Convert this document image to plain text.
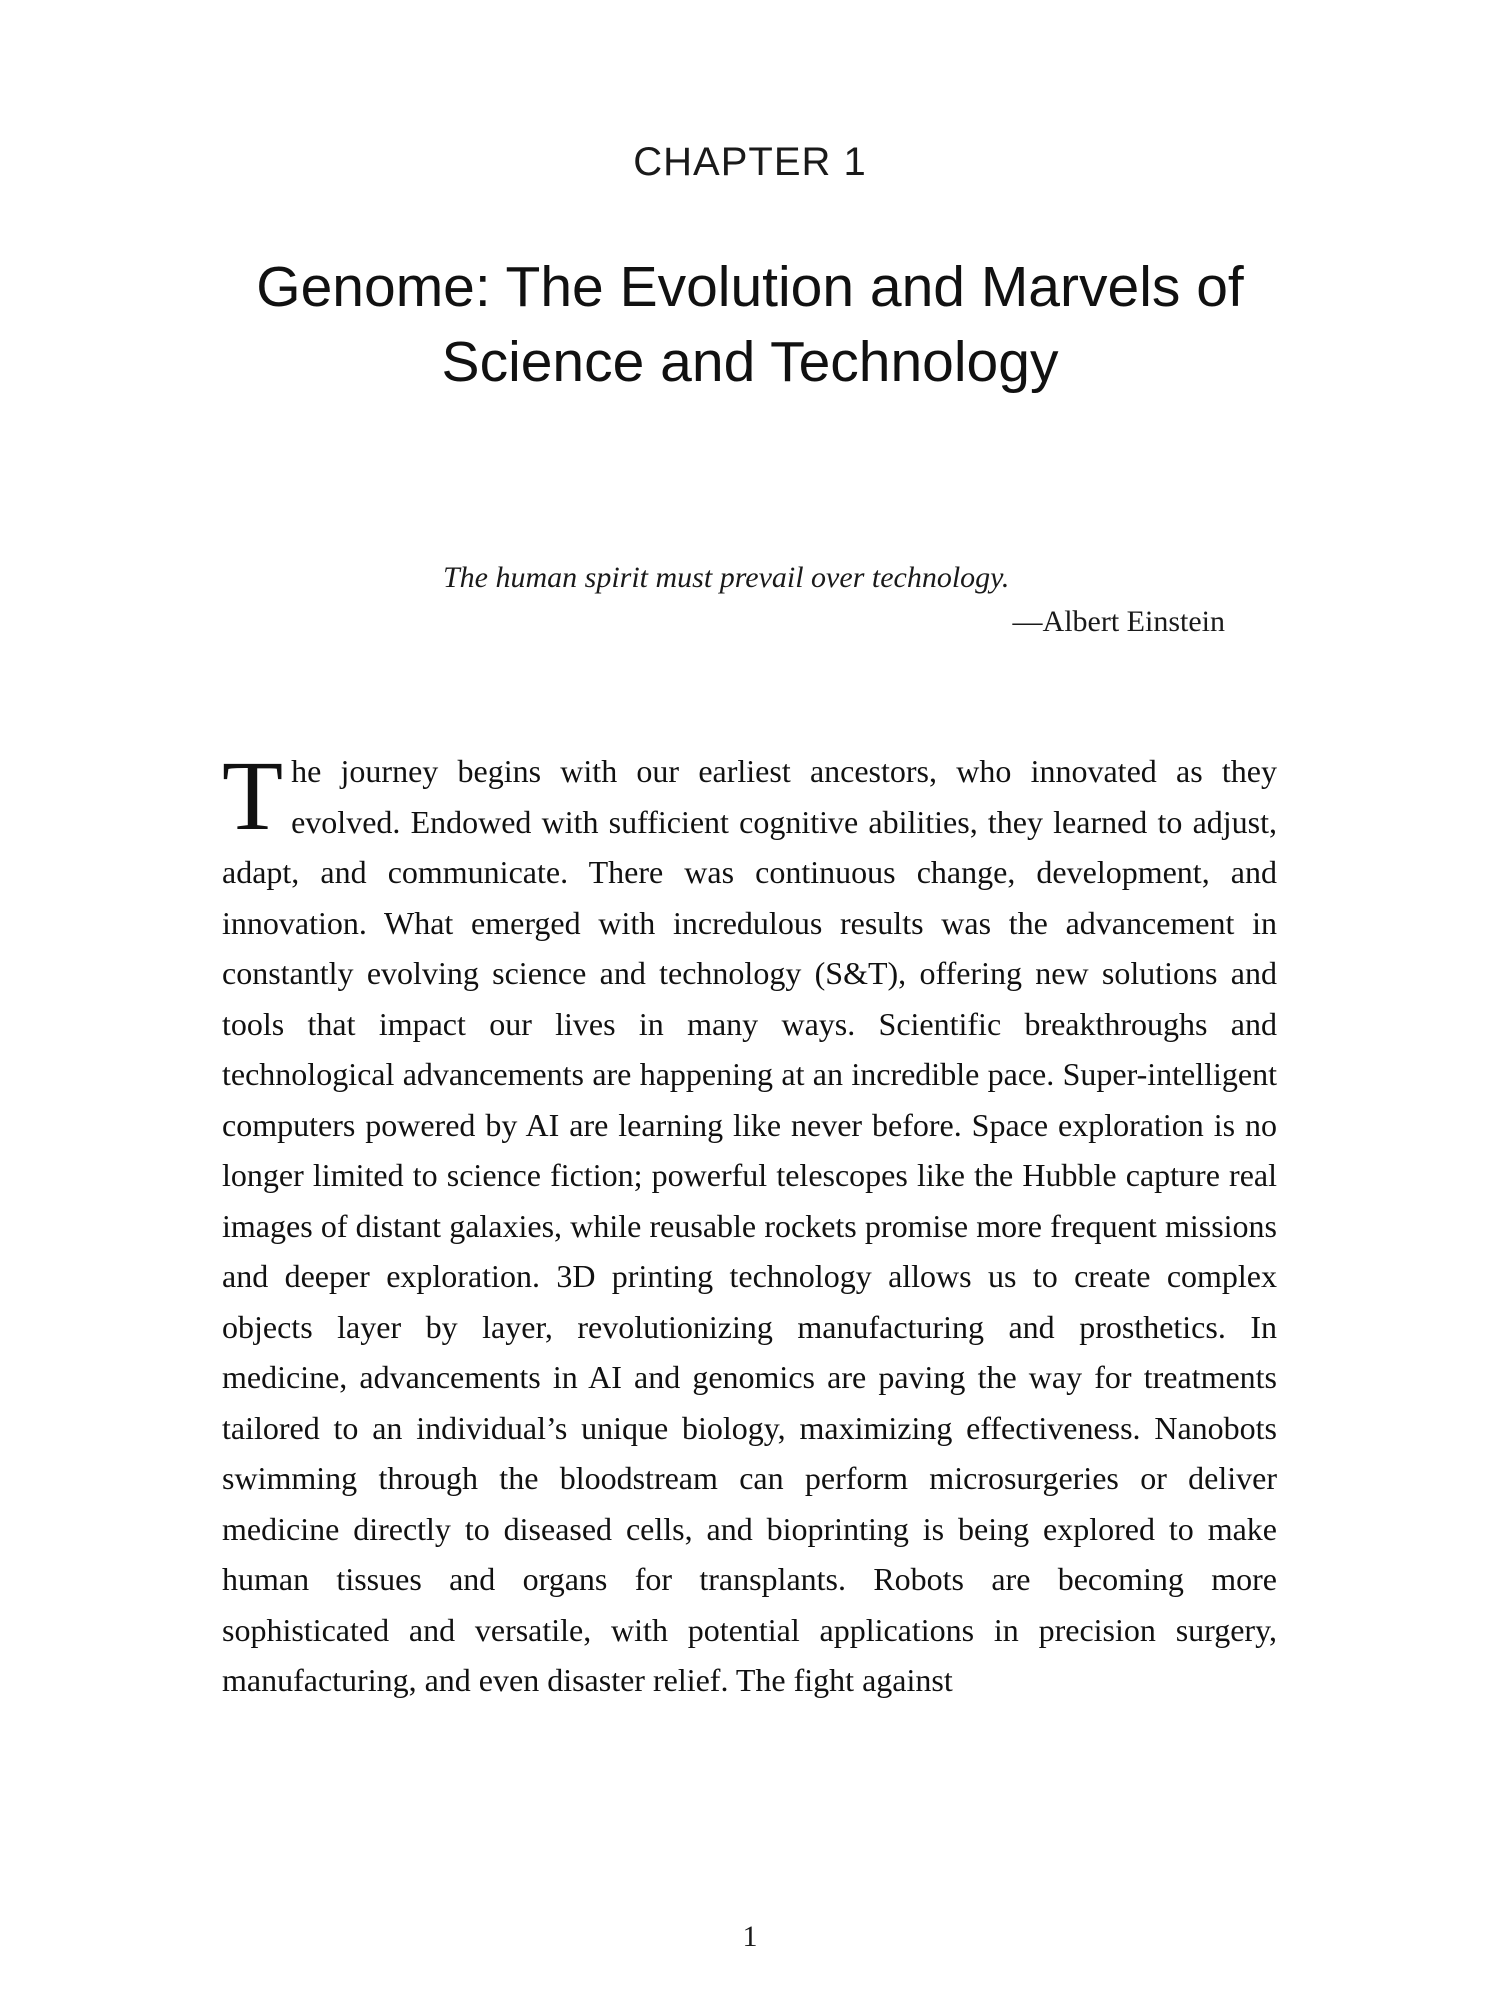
CHAPTER 1
Genome: The Evolution and Marvels of
Science and Technology
The human spirit must prevail over technology.
—Albert Einstein

The journey begins with our earliest ancestors, who innovated as they evolved. Endowed with sufficient cognitive abilities, they learned to adjust, adapt, and communicate. There was continuous change, development, and innovation. What emerged with incredulous results was the advancement in constantly evolving science and technology (S&T), offering new solutions and tools that impact our lives in many ways. Scientific breakthroughs and technological advancements are happening at an incredible pace. Super-intelligent computers powered by AI are learning like never before. Space exploration is no longer limited to science fiction; powerful telescopes like the Hubble capture real images of distant galaxies, while reusable rockets promise more frequent missions and deeper exploration. 3D printing technology allows us to create complex objects layer by layer, revolutionizing manufacturing and prosthetics. In medicine, advancements in AI and genomics are paving the way for treatments tailored to an individual’s unique biology, maximizing effectiveness. Nanobots swimming through the bloodstream can perform microsurgeries or deliver medicine directly to diseased cells, and bioprinting is being explored to make human tissues and organs for transplants. Robots are becoming more sophisticated and versatile, with potential applications in precision surgery, manufacturing, and even disaster relief. The fight against

1
